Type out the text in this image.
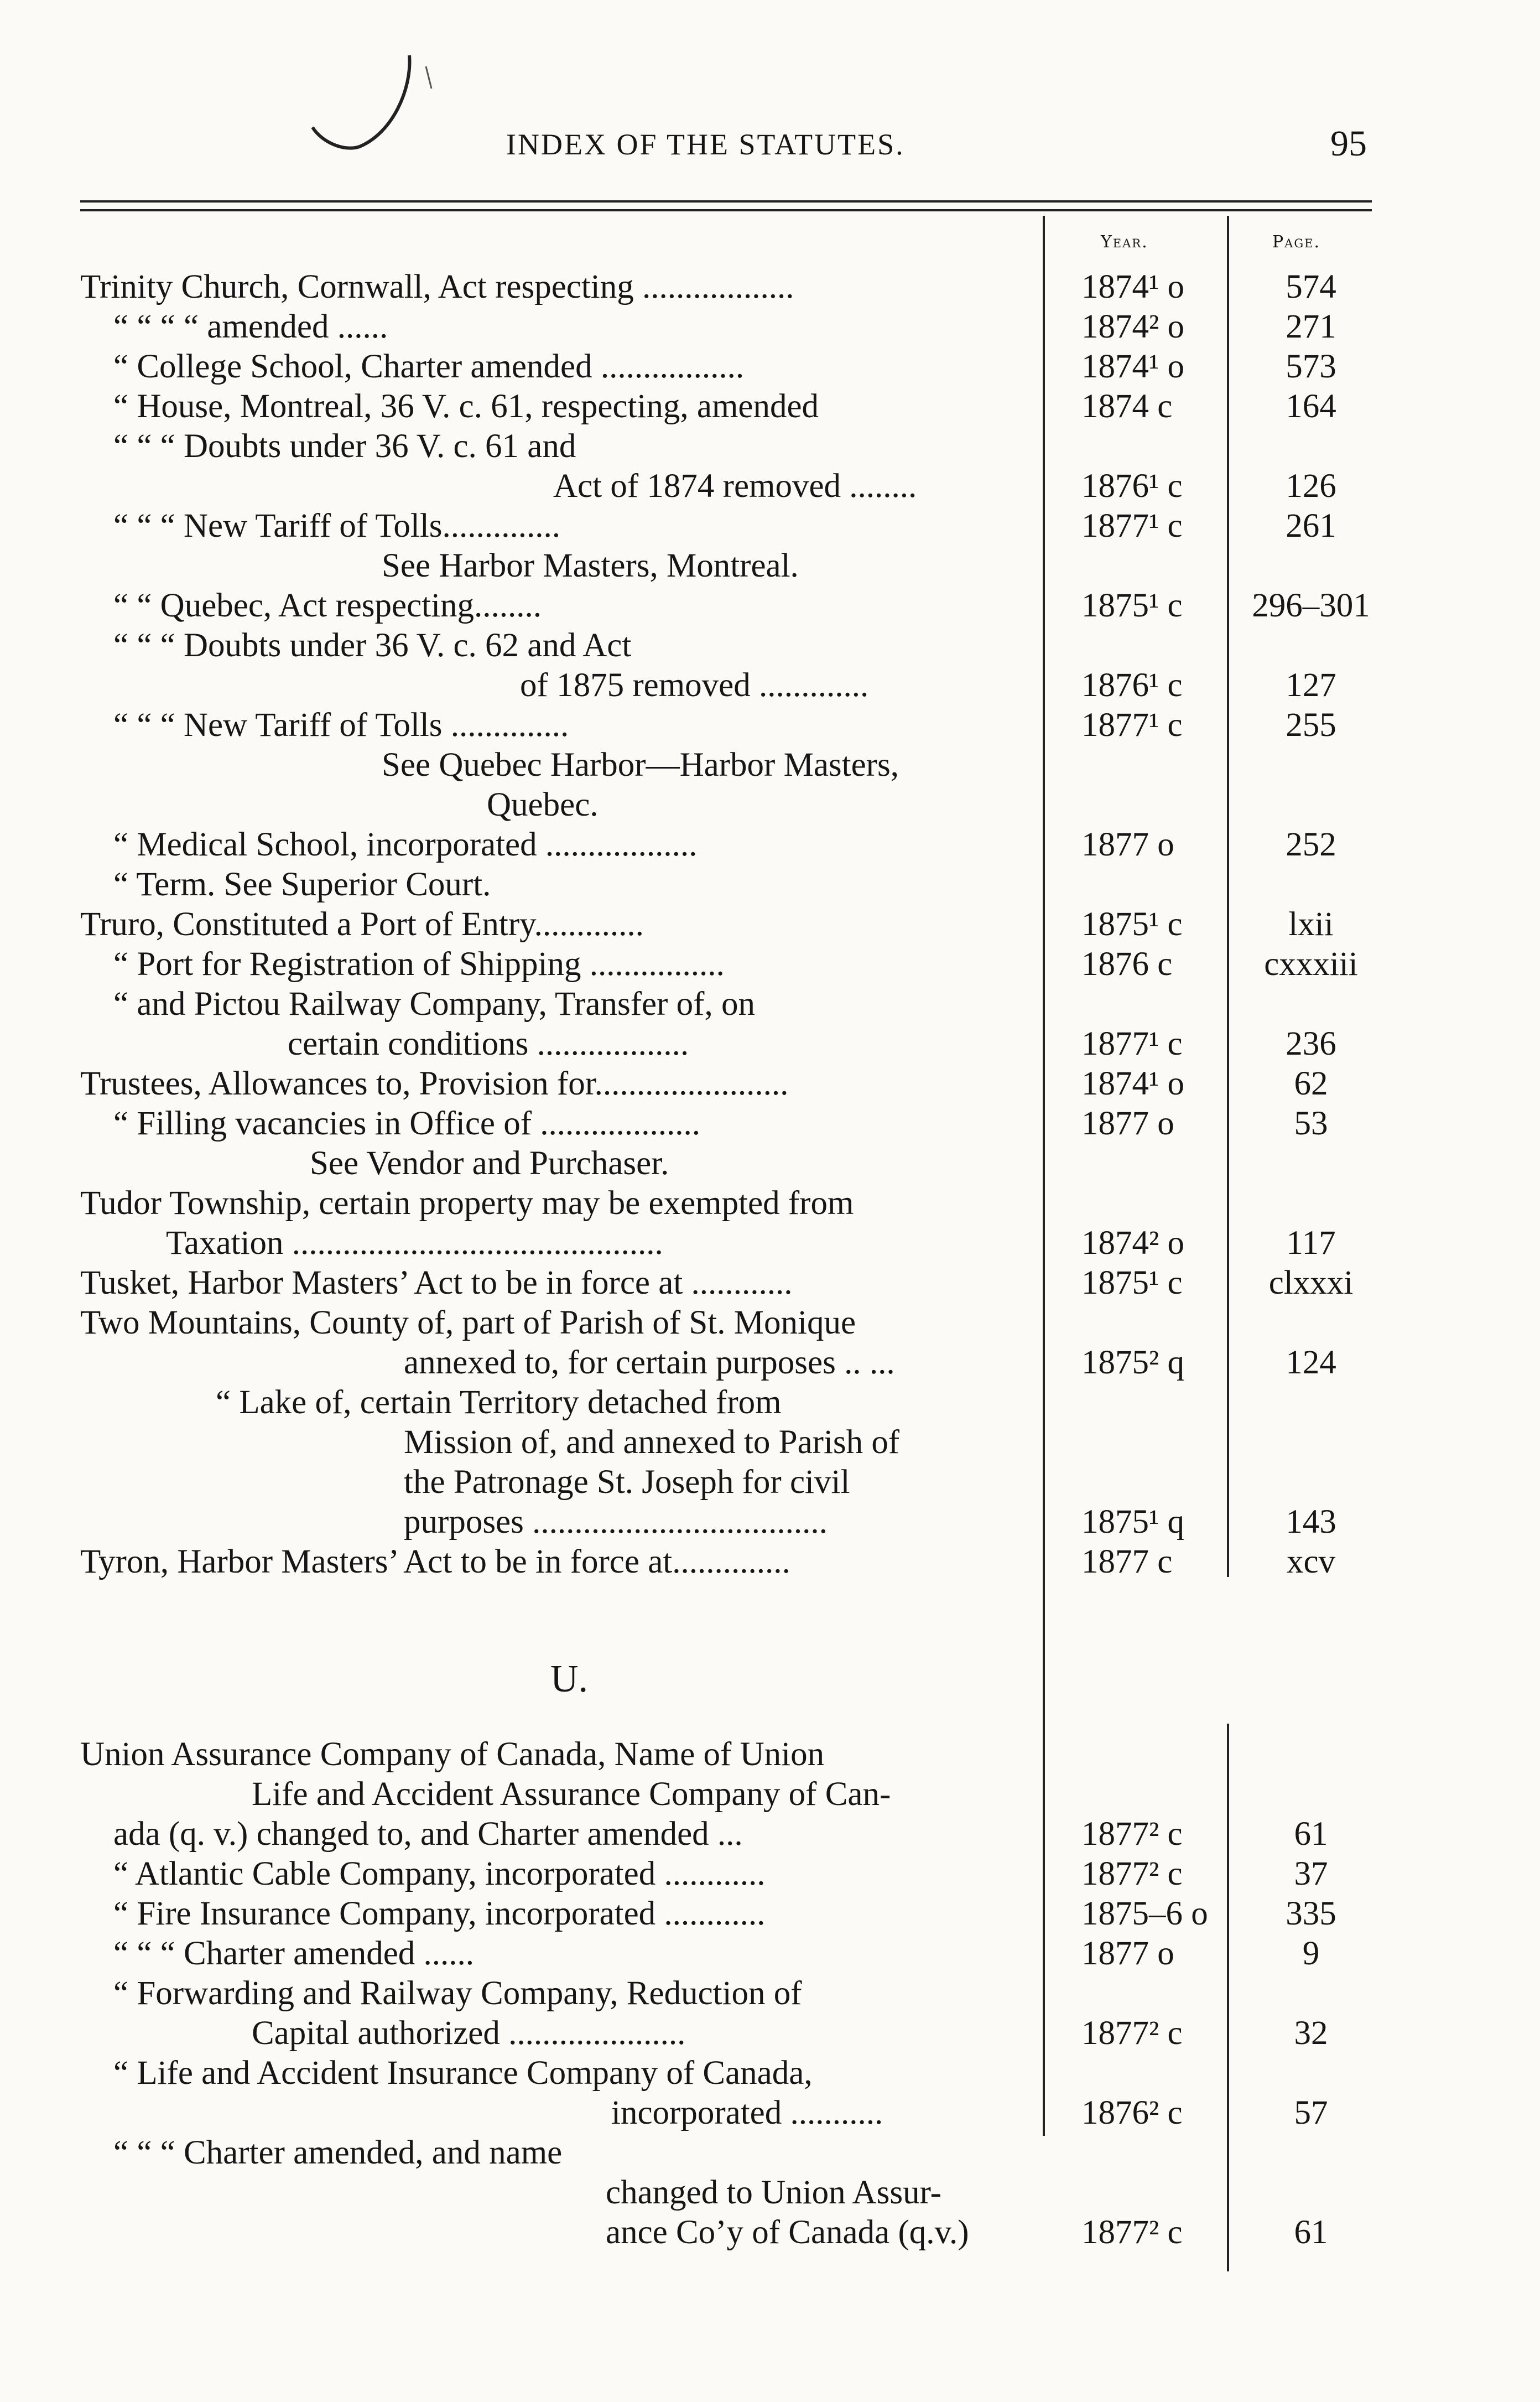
INDEX OF THE STATUTES.	95
Year.	Page.
U.
Trinity Church, Cornwall, Act respecting ..................	1874¹ o	574
“ “ “ “ amended ......	1874² o	271
“ College School, Charter amended .................	1874¹ o	573
“ House, Montreal, 36 V. c. 61, respecting, amended	1874 c	164
“ “ “ Doubts under 36 V. c. 61 and
Act of 1874 removed ........	1876¹ c	126
“ “ “ New Tariff of Tolls..............	1877¹ c	261
See Harbor Masters, Montreal.
“ “ Quebec, Act respecting........	1875¹ c	296–301
“ “ “ Doubts under 36 V. c. 62 and Act
of 1875 removed .............	1876¹ c	127
“ “ “ New Tariff of Tolls ..............	1877¹ c	255
See Quebec Harbor—Harbor Masters,
Quebec.
“ Medical School, incorporated ..................	1877 o	252
“ Term. See Superior Court.
Truro, Constituted a Port of Entry.............	1875¹ c	lxii
“ Port for Registration of Shipping ................	1876 c	cxxxiii
“ and Pictou Railway Company, Transfer of, on
certain conditions ..................	1877¹ c	236
Trustees, Allowances to, Provision for.......................	1874¹ o	62
“ Filling vacancies in Office of ...................	1877 o	53
See Vendor and Purchaser.
Tudor Township, certain property may be exempted from
Taxation ............................................	1874² o	117
Tusket, Harbor Masters’ Act to be in force at ............	1875¹ c	clxxxi
Two Mountains, County of, part of Parish of St. Monique
annexed to, for certain purposes .. ...	1875² q	124
“ Lake of, certain Territory detached from
Mission of, and annexed to Parish of
the Patronage St. Joseph for civil
purposes ...................................	1875¹ q	143
Tyron, Harbor Masters’ Act to be in force at..............	1877 c	xcv
Union Assurance Company of Canada, Name of Union
Life and Accident Assurance Company of Can-
ada (q. v.) changed to, and Charter amended ...	1877² c	61
“ Atlantic Cable Company, incorporated ............	1877² c	37
“ Fire Insurance Company, incorporated ............	1875–6 o	335
“ “ “ Charter amended ......	1877 o	9
“ Forwarding and Railway Company, Reduction of
Capital authorized .....................	1877² c	32
“ Life and Accident Insurance Company of Canada,
incorporated ...........	1876² c	57
“ “ “ Charter amended, and name
changed to Union Assur-
ance Co’y of Canada (q.v.)	1877² c	61
